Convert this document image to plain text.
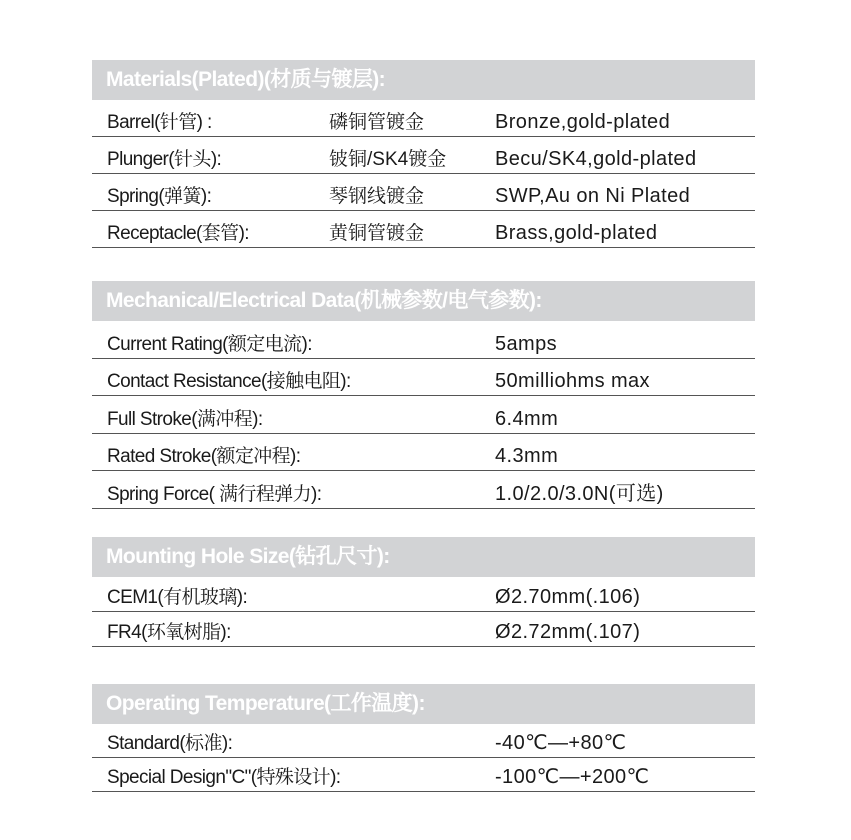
Materials(Plated)(材质与镀层):
Barrel(针管) :	磷铜管镀金	Bronze,gold-plated
Plunger(针头):	铍铜/SK4镀金 Becu/SK4,gold-plated
Spring(弹簧):	琴钢线镀金	SWP,Au on Ni Plated
Receptacle(套管):	黄铜管镀金	Brass,gold-plated
Mechanical/Electrical Data(机械参数/电气参数):
Current Rating(额定电流):	5amps
Contact Resistance(接触电阻):	50milliohms max
Full Stroke(满冲程):	6.4mm
Rated Stroke(额定冲程):	4.3mm
Spring Force( 满行程弹力):	1.0/2.0/3.0N(可选)
Mounting Hole Size(钻孔尺寸):
CEM1(有机玻璃):	Ø2.70mm(.106)
FR4(环氧树脂):	Ø2.72mm(.107)
Operating Temperature(工作温度):
Standard(标准):	-40℃—+80℃
Special Design"C"(特殊设计):	-100℃—+200℃
